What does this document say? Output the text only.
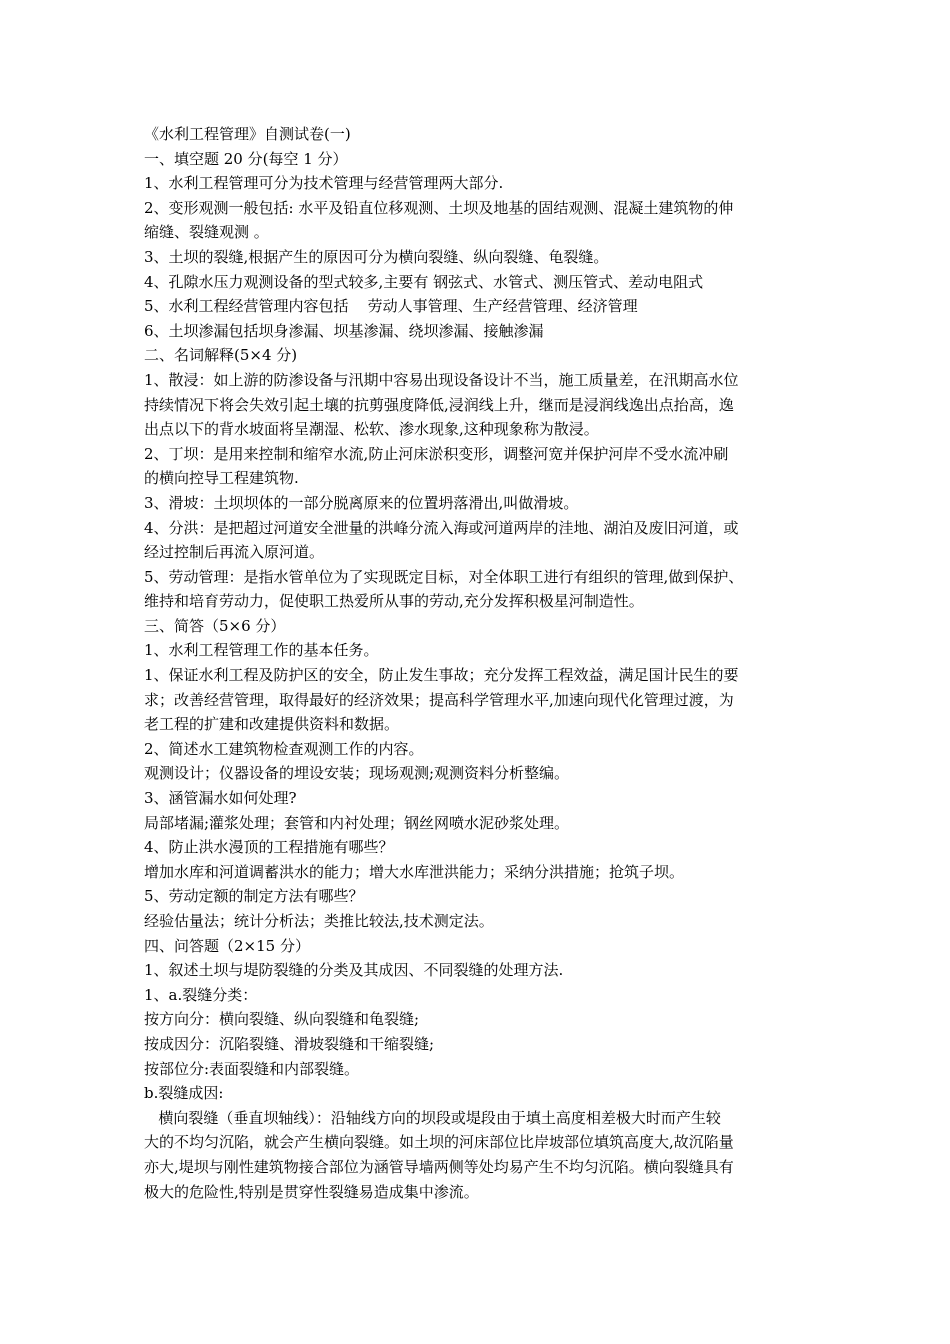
《水利工程管理》自测试卷(一)

一、填空题 20 分(每空 1 分）

1、水利工程管理可分为技术管理与经营管理两大部分.

2、变形观测一般包括: 水平及铅直位移观测、土坝及地基的固结观测、混凝土建筑物的伸

缩缝、裂缝观测 。

3、土坝的裂缝,根据产生的原因可分为横向裂缝、纵向裂缝、龟裂缝。

4、孔隙水压力观测设备的型式较多,主要有 钢弦式、水管式、测压管式、差动电阻式

5、水利工程经营管理内容包括    劳动人事管理、生产经营管理、经济管理

6、土坝渗漏包括坝身渗漏、坝基渗漏、绕坝渗漏、接触渗漏

二、名词解释(5×4 分)

1、散浸：如上游的防渗设备与汛期中容易出现设备设计不当，施工质量差，在汛期高水位

持续情况下将会失效引起土壤的抗剪强度降低,浸润线上升，继而是浸润线逸出点抬高，逸

出点以下的背水坡面将呈潮湿、松软、渗水现象,这种现象称为散浸。

2、丁坝：是用来控制和缩窄水流,防止河床淤积变形，调整河宽并保护河岸不受水流冲刷

的横向控导工程建筑物.

3、滑坡：土坝坝体的一部分脱离原来的位置坍落滑出,叫做滑坡。

4、分洪：是把超过河道安全泄量的洪峰分流入海或河道两岸的洼地、湖泊及废旧河道，或

经过控制后再流入原河道。

5、劳动管理：是指水管单位为了实现既定目标，对全体职工进行有组织的管理,做到保护、

维持和培育劳动力，促使职工热爱所从事的劳动,充分发挥积极星河制造性。

三、简答（5×6 分）

1、水利工程管理工作的基本任务。

1、保证水利工程及防护区的安全，防止发生事故；充分发挥工程效益，满足国计民生的要

求；改善经营管理，取得最好的经济效果；提高科学管理水平,加速向现代化管理过渡，为

老工程的扩建和改建提供资料和数据。

2、简述水工建筑物检查观测工作的内容。

观测设计；仪器设备的埋设安装；现场观测;观测资料分析整编。

3、涵管漏水如何处理?

局部堵漏;灌浆处理；套管和内衬处理；钢丝网喷水泥砂浆处理。

4、防止洪水漫顶的工程措施有哪些？

增加水库和河道调蓄洪水的能力；增大水库泄洪能力；采纳分洪措施；抢筑子坝。

5、劳动定额的制定方法有哪些？

经验估量法；统计分析法；类推比较法,技术测定法。

四、问答题（2×15 分）

1、叙述土坝与堤防裂缝的分类及其成因、不同裂缝的处理方法.

1、a.裂缝分类：

按方向分：横向裂缝、纵向裂缝和龟裂缝;

按成因分：沉陷裂缝、滑坡裂缝和干缩裂缝;

按部位分:表面裂缝和内部裂缝。

b.裂缝成因:

横向裂缝（垂直坝轴线）：沿轴线方向的坝段或堤段由于填土高度相差极大时而产生较

大的不均匀沉陷，就会产生横向裂缝。如土坝的河床部位比岸坡部位填筑高度大,故沉陷量

亦大,堤坝与刚性建筑物接合部位为涵管导墙两侧等处均易产生不均匀沉陷。横向裂缝具有

极大的危险性,特别是贯穿性裂缝易造成集中渗流。
